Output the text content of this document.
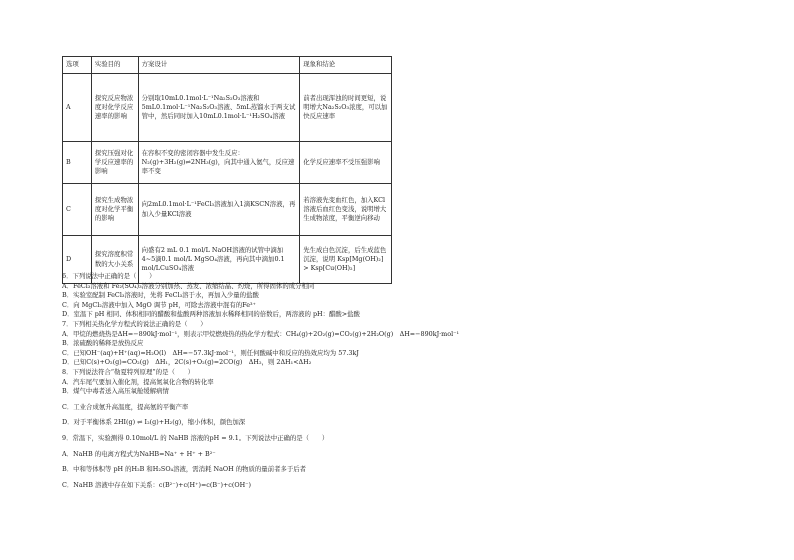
选项	实验目的	方案设计	现象和结论
A	探究反应物浓度对化学反应速率的影响	分别取10mL0.1mol·L⁻¹Na₂S₂O₃溶液和5mL0.1mol·L⁻¹Na₂S₂O₃溶液、5mL蒸馏水于两支试管中，然后同时加入10mL0.1mol·L⁻¹H₂SO₄溶液	前者出现浑浊的时间更短，说明增大Na₂S₂O₃浓度，可以加快反应速率
B	探究压强对化学反应速率的影响	在容积不变的密闭容器中发生反应：N₂(g)+3H₂(g)⇌2NH₃(g)，向其中通入氦气，反应速率不变	化学反应速率不受压强影响
C	探究生成物浓度对化学平衡的影响	向2mL0.1mol·L⁻¹FeCl₃溶液加入1滴KSCN溶液，再加入少量KCl溶液	若溶液先变血红色，加入KCl溶液后血红色变浅，说明增大生成物浓度，平衡逆向移动
D	探究溶度积常数的大小关系	向盛有2 mL 0.1 mol/L NaOH溶液的试管中滴加4~5滴0.1 mol/L MgSO₄溶液，再向其中滴加0.1 mol/LCuSO₄溶液	先生成白色沉淀，后生成蓝色沉淀，说明 Ksp[Mg(OH)₂] > Ksp[Cu(OH)₂]

6．下列说法中正确的是（　　）

A．FeCl₃溶液和 Fe₂(SO₄)₃溶液分别加热、蒸发、浓缩结晶、灼烧，所得固体的成分相同

B．实验室配制 FeCl₃溶液时，先将 FeCl₃溶于水，再加入少量的盐酸

C．向 MgCl₂溶液中加入 MgO 调节 pH，可除去溶液中混有的Fe³⁺

D．室温下 pH 相同、体积相同的醋酸和盐酸两种溶液加水稀释相同的倍数后，两溶液的 pH：醋酸>盐酸

7．下列相关热化学方程式的说法正确的是（　　）

A．甲烷的燃烧热是ΔH=−890kJ·mol⁻¹，则表示甲烷燃烧热的热化学方程式：CH₄(g)+2O₂(g)=CO₂(g)+2H₂O(g)　ΔH=−890kJ·mol⁻¹

B．浓硫酸的稀释是放热反应

C．已知OH⁻(aq)+H⁺(aq)=H₂O(l)　ΔH=−57.3kJ·mol⁻¹，则任何酸碱中和反应的热效应均为 57.3kJ

D．已知C(s)+O₂(g)=CO₂(g)　ΔH₁，2C(s)+O₂(g)=2CO(g)　ΔH₂，则 2ΔH₁<ΔH₂

8．下列说法符合“勒夏特列原理”的是（　　）

A．汽车尾气要加入催化剂，提高氮氧化合物的转化率

B．煤气中毒者送入高压氧舱缓解病情

C．工业合成氨升高温度，提高氨的平衡产率

D．对于平衡体系 2HI(g) ⇌ I₂(g)+H₂(g)，缩小体积，颜色加深

9．常温下，实验测得 0.10mol/L 的 NaHB 溶液的pH = 9.1。下列说法中正确的是（　　）

A．NaHB 的电离方程式为NaHB=Na⁺ + H⁺ + B²⁻

B．中和等体积等 pH 的H₂B 和H₂SO₄溶液，需消耗 NaOH 的物质的量前者多于后者

C．NaHB 溶液中存在如下关系：c(B²⁻)+c(H⁺)=c(B⁻)+c(OH⁻)
